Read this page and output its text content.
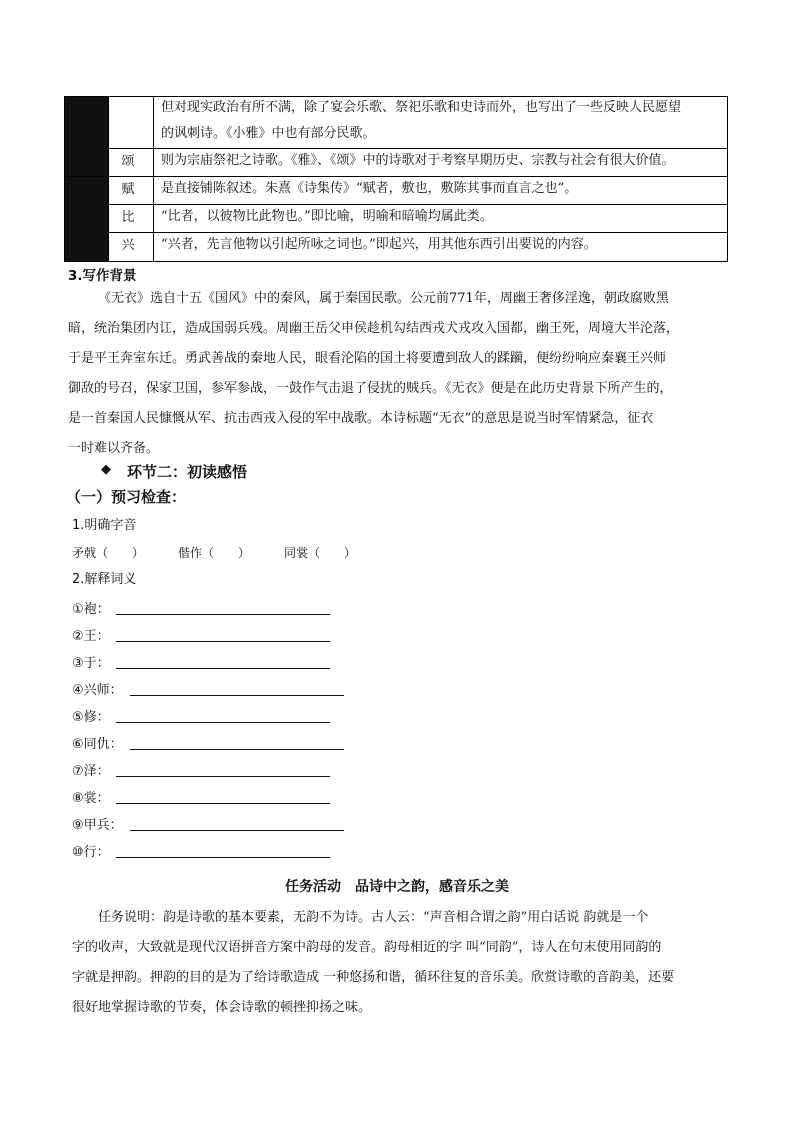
但对现实政治有所不满，除了宴会乐歌、祭祀乐歌和史诗而外，也写出了一些反映人民愿望
的讽刺诗。《小雅》中也有部分民歌。
颂	则为宗庙祭祀之诗歌。《雅》、《颂》中的诗歌对于考察早期历史、宗教与社会有很大价值。
手法
赋	是直接铺陈叙述。朱熹《诗集传》“赋者，敷也，敷陈其事而直言之也”。
比	“比者，以彼物比此物也。”即比喻，明喻和暗喻均属此类。
兴	“兴者，先言他物以引起所咏之词也。”即起兴，用其他东西引出要说的内容。
3.写作背景
《无衣》选自十五《国风》中的秦风，属于秦国民歌。公元前771年，周幽王奢侈淫逸，朝政腐败黑
暗，统治集团内讧，造成国弱兵残。周幽王岳父申侯趁机勾结西戎犬戎攻入国都，幽王死，周境大半沦落，
于是平王奔室东迁。勇武善战的秦地人民，眼看沦陷的国土将要遭到敌人的蹂躏，便纷纷响应秦襄王兴师
御敌的号召，保家卫国，参军参战，一鼓作气击退了侵扰的贼兵。《无衣》便是在此历史背景下所产生的，
是一首秦国人民慷慨从军、抗击西戎入侵的军中战歌。本诗标题“无衣”的意思是说当时军情紧急，征衣
一时难以齐备。
◆ 环节二：初读感悟
（一）预习检查：
1.明确字音
矛戟（　　）	偕作（　　）	同裳（　　）
2.解释词义
①袍：
②王：
③于：
④兴师：
⑤修：
⑥同仇：
⑦泽：
⑧裳：
⑨甲兵：
⑩行：
任务活动　品诗中之韵，感音乐之美
任务说明：韵是诗歌的基本要素，无韵不为诗。古人云：“声音相合谓之韵”用白话说 韵就是一个
字的收声，大致就是现代汉语拼音方案中韵母的发音。韵母相近的字 叫“同韵”，诗人在句末使用同韵的
字就是押韵。押韵的目的是为了给诗歌造成 一种悠扬和谐，循环往复的音乐美。欣赏诗歌的音韵美，还要
很好地掌握诗歌的节奏，体会诗歌的顿挫抑扬之味。
